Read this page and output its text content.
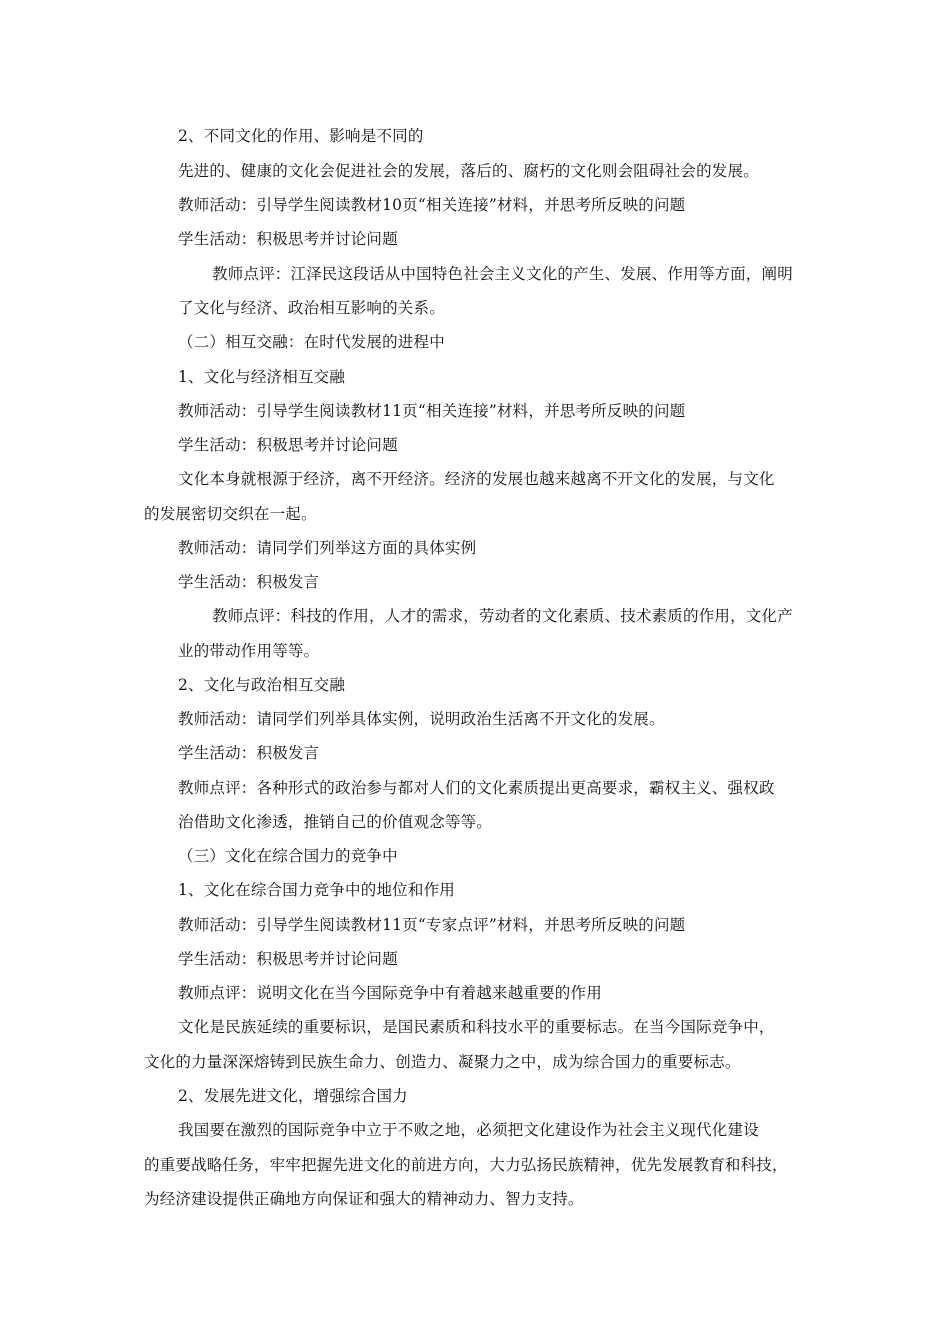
2、不同文化的作用、影响是不同的
先进的、健康的文化会促进社会的发展，落后的、腐朽的文化则会阻碍社会的发展。
教师活动：引导学生阅读教材10页“相关连接”材料，并思考所反映的问题
学生活动：积极思考并讨论问题
教师点评：江泽民这段话从中国特色社会主义文化的产生、发展、作用等方面，阐明
了文化与经济、政治相互影响的关系。
（二）相互交融：在时代发展的进程中
1、文化与经济相互交融
教师活动：引导学生阅读教材11页“相关连接”材料，并思考所反映的问题
学生活动：积极思考并讨论问题
文化本身就根源于经济，离不开经济。经济的发展也越来越离不开文化的发展，与文化
的发展密切交织在一起。
教师活动：请同学们列举这方面的具体实例
学生活动：积极发言
教师点评：科技的作用，人才的需求，劳动者的文化素质、技术素质的作用，文化产
业的带动作用等等。
2、文化与政治相互交融
教师活动：请同学们列举具体实例，说明政治生活离不开文化的发展。
学生活动：积极发言
教师点评：各种形式的政治参与都对人们的文化素质提出更高要求，霸权主义、强权政
治借助文化渗透，推销自己的价值观念等等。
（三）文化在综合国力的竞争中
1、文化在综合国力竞争中的地位和作用
教师活动：引导学生阅读教材11页“专家点评”材料，并思考所反映的问题
学生活动：积极思考并讨论问题
教师点评：说明文化在当今国际竞争中有着越来越重要的作用
文化是民族延续的重要标识，是国民素质和科技水平的重要标志。在当今国际竞争中，
文化的力量深深熔铸到民族生命力、创造力、凝聚力之中，成为综合国力的重要标志。
2、发展先进文化，增强综合国力
我国要在激烈的国际竞争中立于不败之地，必须把文化建设作为社会主义现代化建设
的重要战略任务，牢牢把握先进文化的前进方向，大力弘扬民族精神，优先发展教育和科技，
为经济建设提供正确地方向保证和强大的精神动力、智力支持。
